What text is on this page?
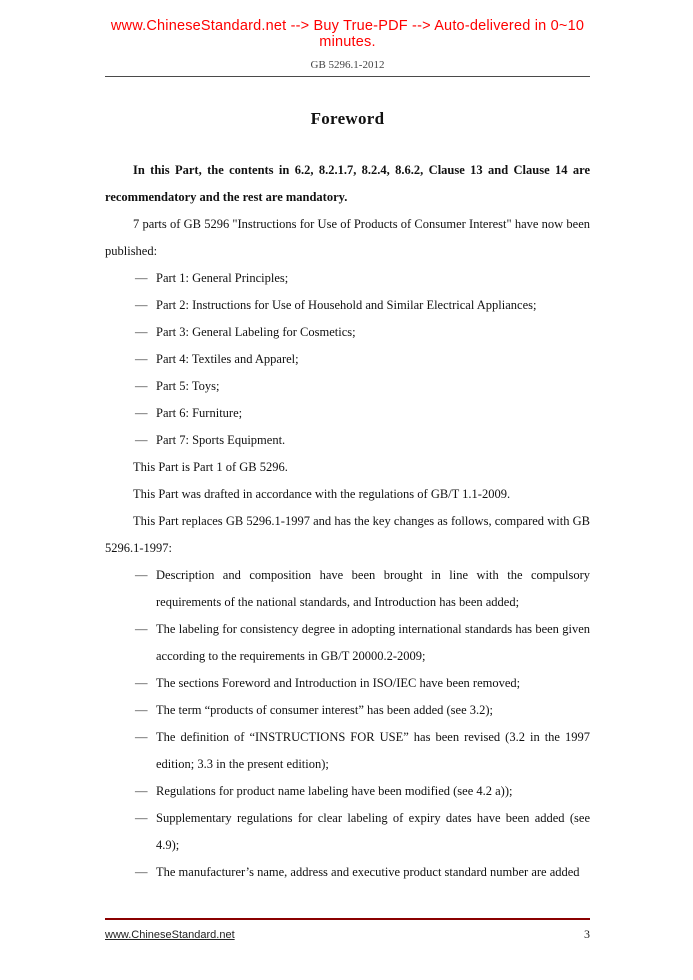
www.ChineseStandard.net --> Buy True-PDF --> Auto-delivered in 0~10 minutes.
GB 5296.1-2012
Foreword
In this Part, the contents in 6.2, 8.2.1.7, 8.2.4, 8.6.2, Clause 13 and Clause 14 are recommendatory and the rest are mandatory.
7 parts of GB 5296 "Instructions for Use of Products of Consumer Interest" have now been published:
— Part 1: General Principles;
— Part 2: Instructions for Use of Household and Similar Electrical Appliances;
— Part 3: General Labeling for Cosmetics;
— Part 4: Textiles and Apparel;
— Part 5: Toys;
— Part 6: Furniture;
— Part 7: Sports Equipment.
This Part is Part 1 of GB 5296.
This Part was drafted in accordance with the regulations of GB/T 1.1-2009.
This Part replaces GB 5296.1-1997 and has the key changes as follows, compared with GB 5296.1-1997:
— Description and composition have been brought in line with the compulsory requirements of the national standards, and Introduction has been added;
— The labeling for consistency degree in adopting international standards has been given according to the requirements in GB/T 20000.2-2009;
— The sections Foreword and Introduction in ISO/IEC have been removed;
— The term “products of consumer interest” has been added (see 3.2);
— The definition of “INSTRUCTIONS FOR USE” has been revised (3.2 in the 1997 edition; 3.3 in the present edition);
— Regulations for product name labeling have been modified (see 4.2 a));
— Supplementary regulations for clear labeling of expiry dates have been added (see 4.9);
— The manufacturer’s name, address and executive product standard number are added
www.ChineseStandard.net	3
